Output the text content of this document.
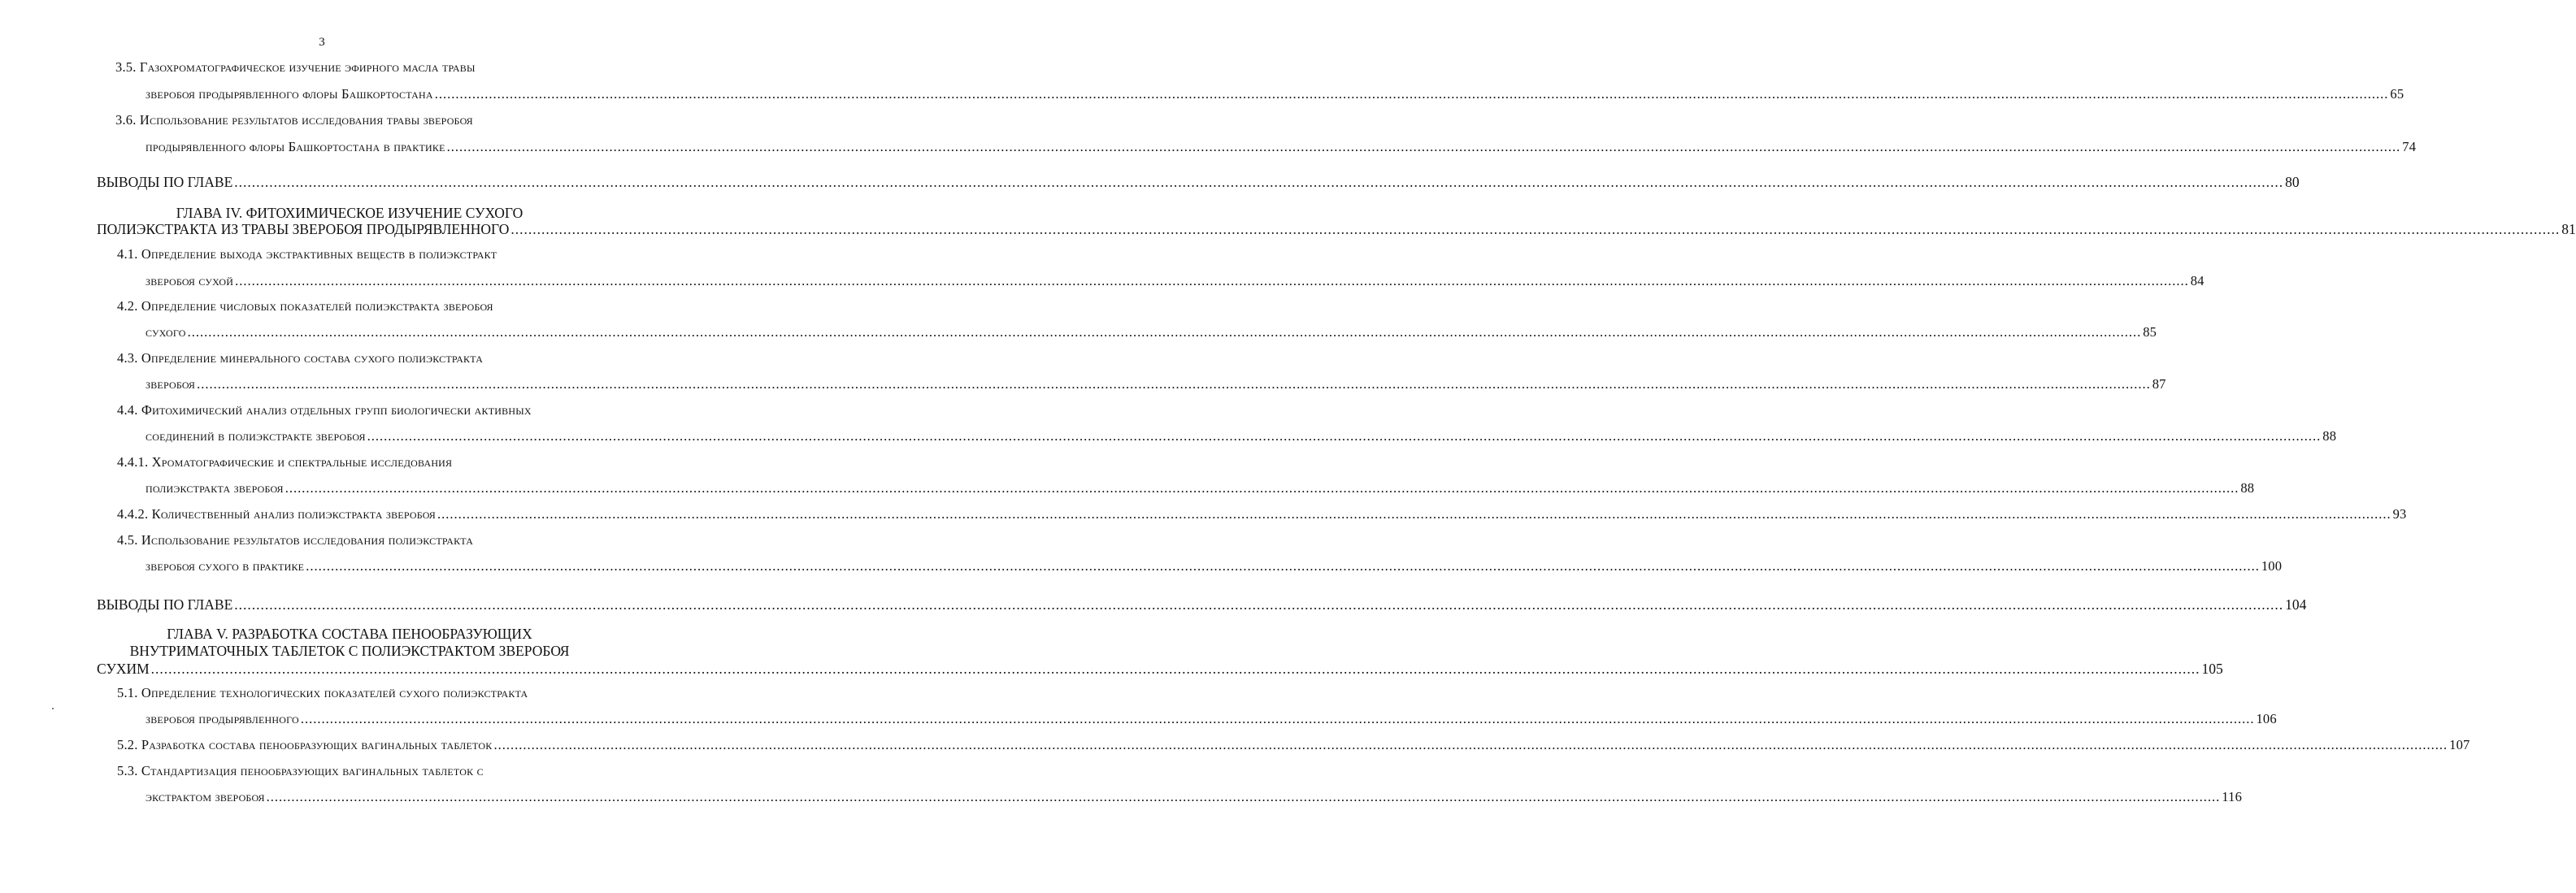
3
3.5. Газохроматографическое изучение эфирного масла травы
зверобоя продырявленного флоры Башкортостана ..................................................................................................................................................................................................................................................................................................................................................................................................................................................................................... 65
3.6. Использование результатов исследования травы зверобоя
продырявленного флоры Башкортостана в практике ..................................................................................................................................................................................................................................................................................................................................................................................................................................................................................... 74
ВЫВОДЫ ПО ГЛАВЕ ..................................................................................................................................................................................................................................................................................................................................................................................................................................................................................... 80
ГЛАВА IV. ФИТОХИМИЧЕСКОЕ ИЗУЧЕНИЕ СУХОГО
ПОЛИЭКСТРАКТА ИЗ ТРАВЫ ЗВЕРОБОЯ ПРОДЫРЯВЛЕННОГО ..................................................................................................................................................................................................................................................................................................................................................................................................................................................................................... 81
4.1. Определение выхода экстрактивных веществ в полиэкстракт
зверобоя сухой ..................................................................................................................................................................................................................................................................................................................................................................................................................................................................................... 84
4.2. Определение числовых показателей полиэкстракта зверобоя
сухого ..................................................................................................................................................................................................................................................................................................................................................................................................................................................................................... 85
4.3. Определение минерального состава сухого полиэкстракта
зверобоя ..................................................................................................................................................................................................................................................................................................................................................................................................................................................................................... 87
4.4. Фитохимический анализ отдельных групп биологически активных
соединений в полиэкстракте зверобоя ..................................................................................................................................................................................................................................................................................................................................................................................................................................................................................... 88
4.4.1. Хроматографические и спектральные исследования
полиэкстракта зверобоя ..................................................................................................................................................................................................................................................................................................................................................................................................................................................................................... 88
4.4.2. Количественный анализ полиэкстракта зверобоя ..................................................................................................................................................................................................................................................................................................................................................................................................................................................................................... 93
4.5. Использование результатов исследования полиэкстракта
зверобоя сухого в практике ..................................................................................................................................................................................................................................................................................................................................................................................................................................................................................... 100
ВЫВОДЫ ПО ГЛАВЕ ..................................................................................................................................................................................................................................................................................................................................................................................................................................................................................... 104
ГЛАВА V. РАЗРАБОТКА СОСТАВА ПЕНООБРАЗУЮЩИХ
ВНУТРИМАТОЧНЫХ ТАБЛЕТОК С ПОЛИЭКСТРАКТОМ ЗВЕРОБОЯ
СУХИМ ..................................................................................................................................................................................................................................................................................................................................................................................................................................................................................... 105
5.1. Определение технологических показателей сухого полиэкстракта
зверобоя продырявленного ..................................................................................................................................................................................................................................................................................................................................................................................................................................................................................... 106
5.2. Разработка состава пенообразующих вагинальных таблеток ..................................................................................................................................................................................................................................................................................................................................................................................................................................................................................... 107
5.3. Стандартизация пенообразующих вагинальных таблеток с
экстрактом зверобоя ..................................................................................................................................................................................................................................................................................................................................................................................................................................................................................... 116
